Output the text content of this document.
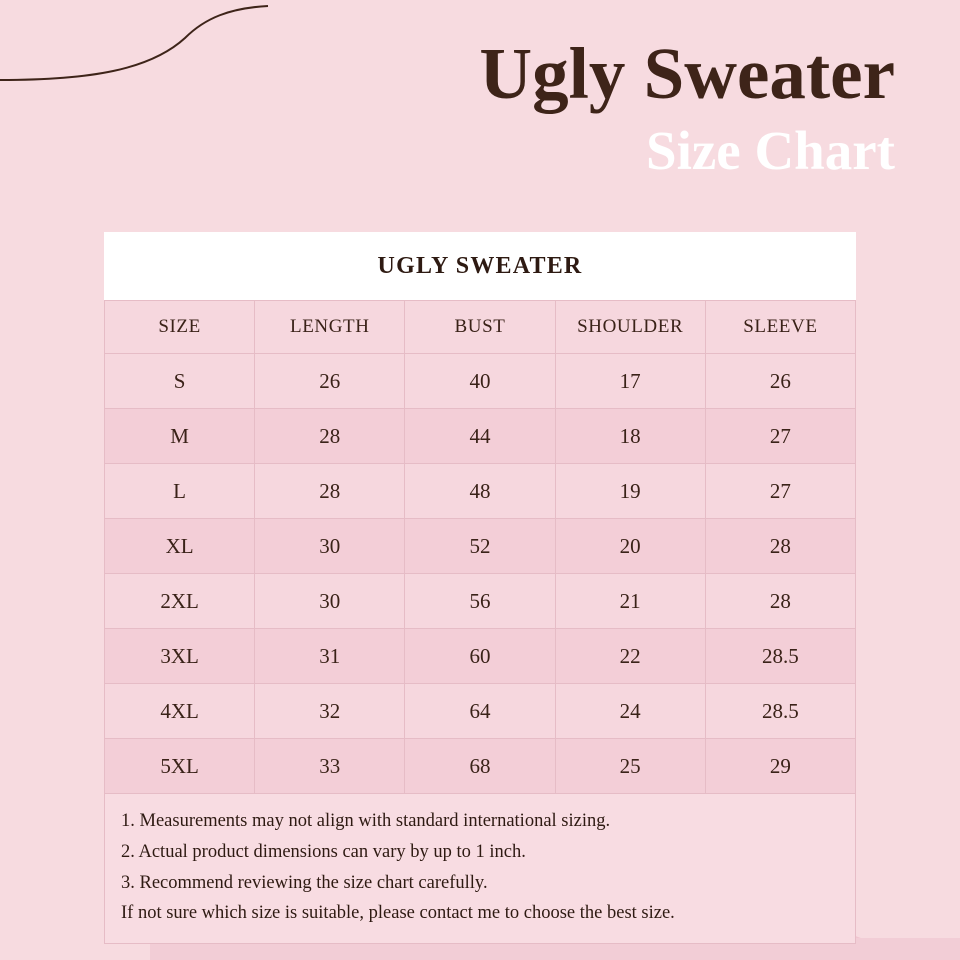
Ugly Sweater
Size Chart
UGLY SWEATER
SIZE	LENGTH	BUST	SHOULDER	SLEEVE
S	26	40	17	26
M	28	44	18	27
L	28	48	19	27
XL	30	52	20	28
2XL	30	56	21	28
3XL	31	60	22	28.5
4XL	32	64	24	28.5
5XL	33	68	25	29

1. Measurements may not align with standard international sizing.

2. Actual product dimensions can vary by up to 1 inch.

3. Recommend reviewing the size chart carefully.

If not sure which size is suitable, please contact me to choose the best size.
